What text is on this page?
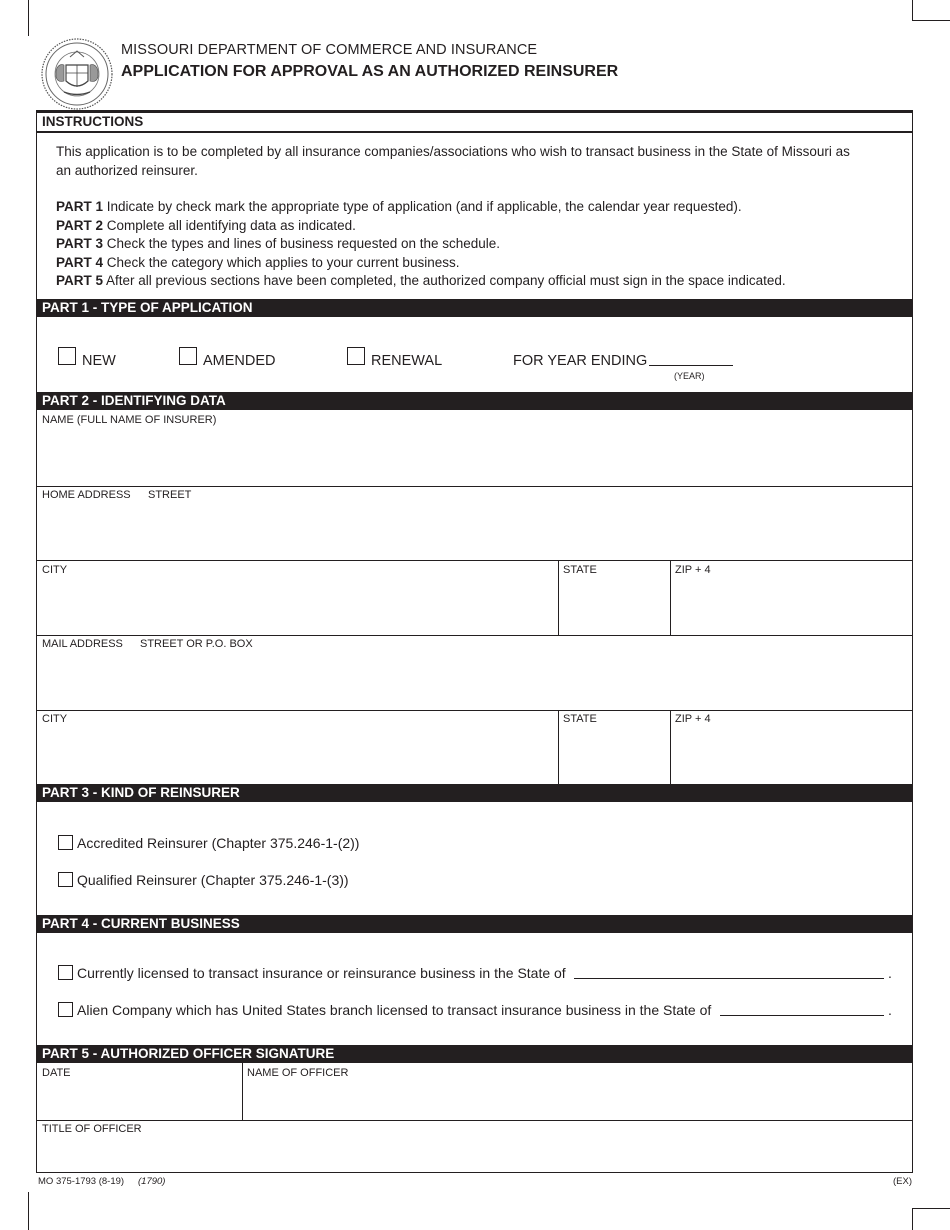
MISSOURI DEPARTMENT OF COMMERCE AND INSURANCE
APPLICATION FOR APPROVAL AS AN AUTHORIZED REINSURER
INSTRUCTIONS
This application is to be completed by all insurance companies/associations who wish to transact business in the State of Missouri as
an authorized reinsurer.
PART 1 Indicate by check mark the appropriate type of application (and if applicable, the calendar year requested).
PART 2 Complete all identifying data as indicated.
PART 3 Check the types and lines of business requested on the schedule.
PART 4 Check the category which applies to your current business.
PART 5 After all previous sections have been completed, the authorized company official must sign in the space indicated.
PART 1 - TYPE OF APPLICATION
NEW	AMENDED	RENEWAL	FOR YEAR ENDING
(YEAR)
PART 2 - IDENTIFYING DATA
NAME (FULL NAME OF INSURER)
HOME ADDRESS STREET
CITY	STATE	ZIP + 4
MAIL ADDRESS STREET OR P.O. BOX
CITY	STATE	ZIP + 4
PART 3 - KIND OF REINSURER
Accredited Reinsurer (Chapter 375.246-1-(2))
Qualified Reinsurer (Chapter 375.246-1-(3))
PART 4 - CURRENT BUSINESS
Currently licensed to transact insurance or reinsurance business in the State of	.
Alien Company which has United States branch licensed to transact insurance business in the State of	.
PART 5 - AUTHORIZED OFFICER SIGNATURE
DATE	NAME OF OFFICER
TITLE OF OFFICER
MO 375-1793 (8-19) (1790)	(EX)
